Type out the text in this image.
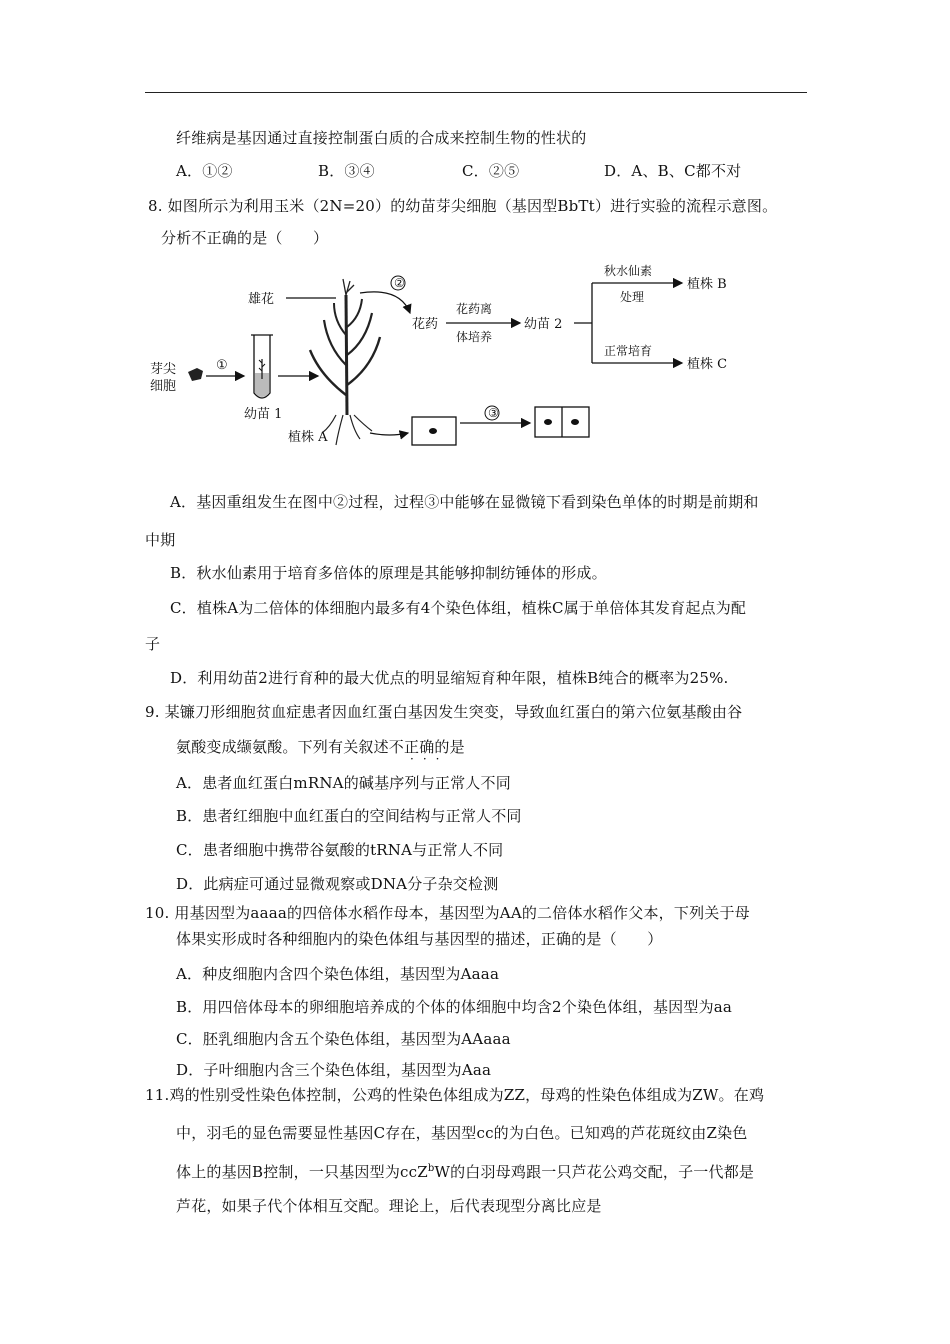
纤维病是基因通过直接控制蛋白质的合成来控制生物的性状的
A．①②	B．③④	C．②⑤	D．A、B、C都不对
8. 如图所示为利用玉米（2N=20）的幼苗芽尖细胞（基因型BbTt）进行实验的流程示意图。
分析不正确的是（　　）
芽尖
细胞
①
幼苗 1
雄花
植株 A
②
花药
花药离
体培养
幼苗 2
秋水仙素
处理
正常培育
植株 B
植株 C
③
A．基因重组发生在图中②过程，过程③中能够在显微镜下看到染色单体的时期是前期和
中期
B．秋水仙素用于培育多倍体的原理是其能够抑制纺锤体的形成。
C．植株A为二倍体的体细胞内最多有4个染色体组，植株C属于单倍体其发育起点为配
子
D．利用幼苗2进行育种的最大优点的明显缩短育种年限，植株B纯合的概率为25%.
9. 某镰刀形细胞贫血症患者因血红蛋白基因发生突变，导致血红蛋白的第六位氨基酸由谷
氨酸变成缬氨酸。下列有关叙述不正确的是
···
A．患者血红蛋白mRNA的碱基序列与正常人不同
B．患者红细胞中血红蛋白的空间结构与正常人不同
C．患者细胞中携带谷氨酸的tRNA与正常人不同
D．此病症可通过显微观察或DNA分子杂交检测
10. 用基因型为aaaa的四倍体水稻作母本，基因型为AA的二倍体水稻作父本，下列关于母
体果实形成时各种细胞内的染色体组与基因型的描述，正确的是（　　）
A．种皮细胞内含四个染色体组，基因型为Aaaa
B．用四倍体母本的卵细胞培养成的个体的体细胞中均含2个染色体组，基因型为aa
C．胚乳细胞内含五个染色体组，基因型为AAaaa
D．子叶细胞内含三个染色体组，基因型为Aaa
11.鸡的性别受性染色体控制，公鸡的性染色体组成为ZZ，母鸡的性染色体组成为ZW。在鸡
中，羽毛的显色需要显性基因C存在，基因型cc的为白色。已知鸡的芦花斑纹由Z染色
体上的基因B控制，一只基因型为ccZ$^b$W的白羽母鸡跟一只芦花公鸡交配，子一代都是
芦花，如果子代个体相互交配。理论上，后代表现型分离比应是
